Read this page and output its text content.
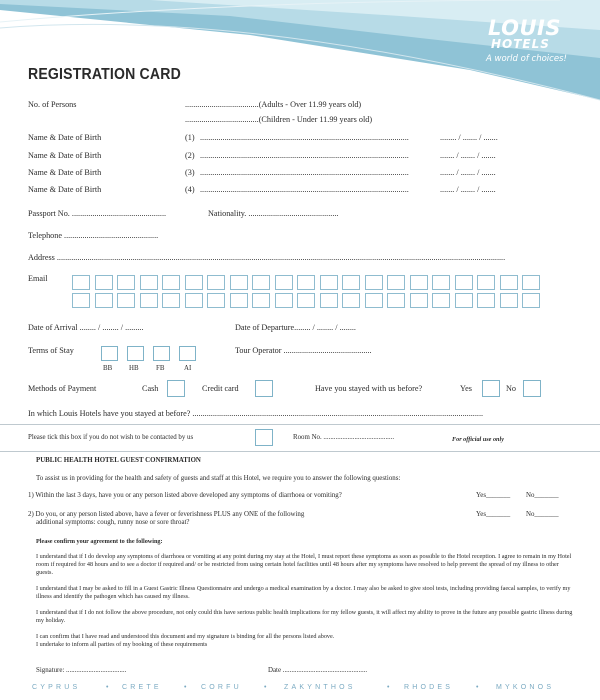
LOUIS
HOTELS
A world of choices!
REGISTRATION CARD
No. of Persons	....................................(Adults - Over 11.99 years old)
....................................(Children - Under 11.99 years old)
Name & Date of Birth	(1) ......................................................................................................	........ / ....... / .......
Name & Date of Birth	(2) ......................................................................................................	....... / ....... / .......
Name & Date of Birth	(3) ......................................................................................................	....... / ....... / .......
Name & Date of Birth	(4) ......................................................................................................	....... / ....... / .......
Passport No. ..............................................	Nationality. ............................................
Telephone ..............................................
Address ...........................................................................................................................................................................................................................
Email
Date of Arrival ........ / ........ / .........	Date of Departure........ / ........ / ........
Terms of Stay
BB HB	FB	AI
Tour Operator ...........................................
Methods of Payment	Cash	Credit card	Have you stayed with us before?	Yes	No
In which Louis Hotels have you stayed at before? ..............................................................................................................................................
Please tick this box if you do not wish to be contacted by us	Room No. .........................................	For official use only
PUBLIC HEALTH HOTEL GUEST CONFIRMATION
To assist us in providing for the health and safety of guests and staff at this Hotel, we require you to answer the following questions:
1) Within the last 3 days, have you or any person listed above developed any symptoms of diarrhoea or vomiting?	Yes_______ No_______
2) Do you, or any person listed above, have a fever or feverishness PLUS any ONE of the following
additional symptoms: cough, runny nose or sore throat?
Yes_______ No_______
Please confirm your agreement to the following:
I understand that if I do develop any symptoms of diarrhoea or vomiting at any point during my stay at the Hotel, I must report these symptoms as soon as possible to the Hotel reception. I agree to remain in my Hotel room if required for 48 hours and to see a doctor if required and/ or be restricted from using certain hotel facilities until 48 hours after my symptoms have resolved to help prevent the spread of my illness to other guests.
I understand that I may be asked to fill in a Guest Gastric Illness Questionnaire and undergo a medical examination by a doctor. I may also be asked to give stool tests, including providing faecal samples, to verify my illness and identify the pathogen which has caused my illness.
I understand that if I do not follow the above procedure, not only could this have serious public health implications for my fellow guests, it will affect my ability to prove in the future any possible gastric illness during my holiday.
I can confirm that I have read and understood this document and my signature is binding for all the persons listed above.
I undertake to inform all parties of my booking of these requirements
Signature: ...................................	Date .................................................
CYPRUS	• CRETE	• CORFU	•	ZAKYNTHOS	• RHODES	•	MYKONOS
